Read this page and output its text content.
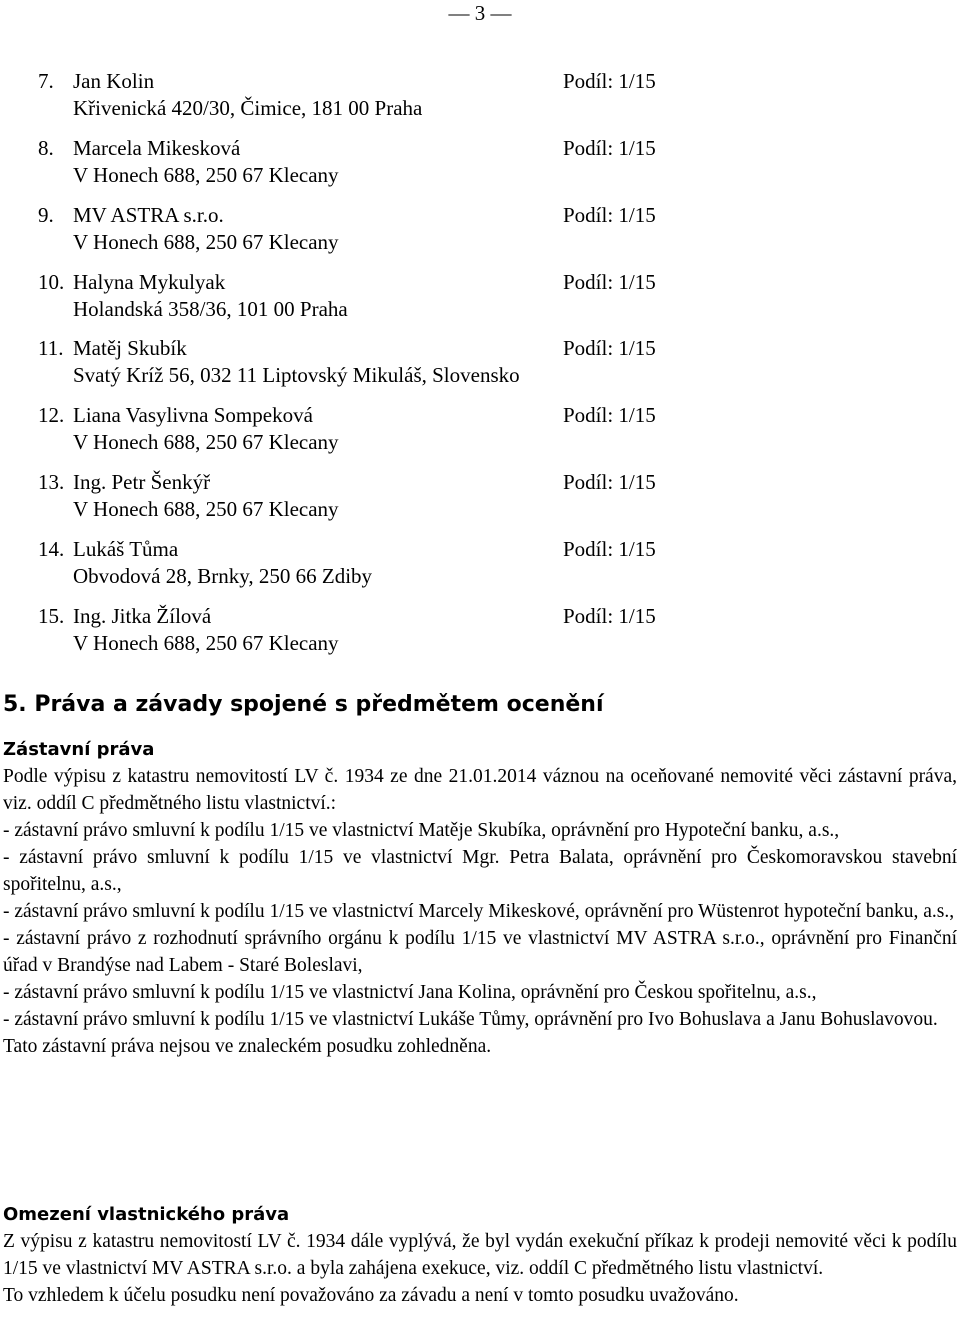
— 3 —
7. Jan Kolin	Podíl: 1/15
Křivenická 420/30, Čimice, 181 00 Praha
8. Marcela Mikesková	Podíl: 1/15
V Honech 688, 250 67 Klecany
9. MV ASTRA s.r.o.	Podíl: 1/15
V Honech 688, 250 67 Klecany
10. Halyna Mykulyak	Podíl: 1/15
Holandská 358/36, 101 00 Praha
11. Matěj Skubík	Podíl: 1/15
Svatý Kríž 56, 032 11 Liptovský Mikuláš, Slovensko
12. Liana Vasylivna Sompeková	Podíl: 1/15
V Honech 688, 250 67 Klecany
13. Ing. Petr Šenkýř	Podíl: 1/15
V Honech 688, 250 67 Klecany
14. Lukáš Tůma	Podíl: 1/15
Obvodová 28, Brnky, 250 66 Zdiby
15. Ing. Jitka Žílová	Podíl: 1/15
V Honech 688, 250 67 Klecany
5. Práva a závady spojené s předmětem ocenění
Zástavní práva

Podle výpisu z katastru nemovitostí LV č. 1934 ze dne 21.01.2014 váznou na oceňované nemovité věci zástavní práva, viz. oddíl C předmětného listu vlastnictví.:

- zástavní právo smluvní k podílu 1/15 ve vlastnictví Matěje Skubíka, oprávnění pro Hypoteční banku, a.s.,

- zástavní právo smluvní k podílu 1/15 ve vlastnictví Mgr. Petra Balata, oprávnění pro Českomoravskou stavební spořitelnu, a.s.,

- zástavní právo smluvní k podílu 1/15 ve vlastnictví Marcely Mikeskové, oprávnění pro Wüstenrot hypoteční banku, a.s.,

- zástavní právo z rozhodnutí správního orgánu k podílu 1/15 ve vlastnictví MV ASTRA s.r.o., oprávnění pro Finanční úřad v Brandýse nad Labem - Staré Boleslavi,

- zástavní právo smluvní k podílu 1/15 ve vlastnictví Jana Kolina, oprávnění pro Českou spořitelnu, a.s.,

- zástavní právo smluvní k podílu 1/15 ve vlastnictví Lukáše Tůmy, oprávnění pro Ivo Bohuslava a Janu Bohuslavovou.

Tato zástavní práva nejsou ve znaleckém posudku zohledněna.

Omezení vlastnického práva

Z výpisu z katastru nemovitostí LV č. 1934 dále vyplývá, že byl vydán exekuční příkaz k prodeji nemovité věci k podílu 1/15 ve vlastnictví MV ASTRA s.r.o. a byla zahájena exekuce, viz. oddíl C předmětného listu vlastnictví.

To vzhledem k účelu posudku není považováno za závadu a není v tomto posudku uvažováno.
